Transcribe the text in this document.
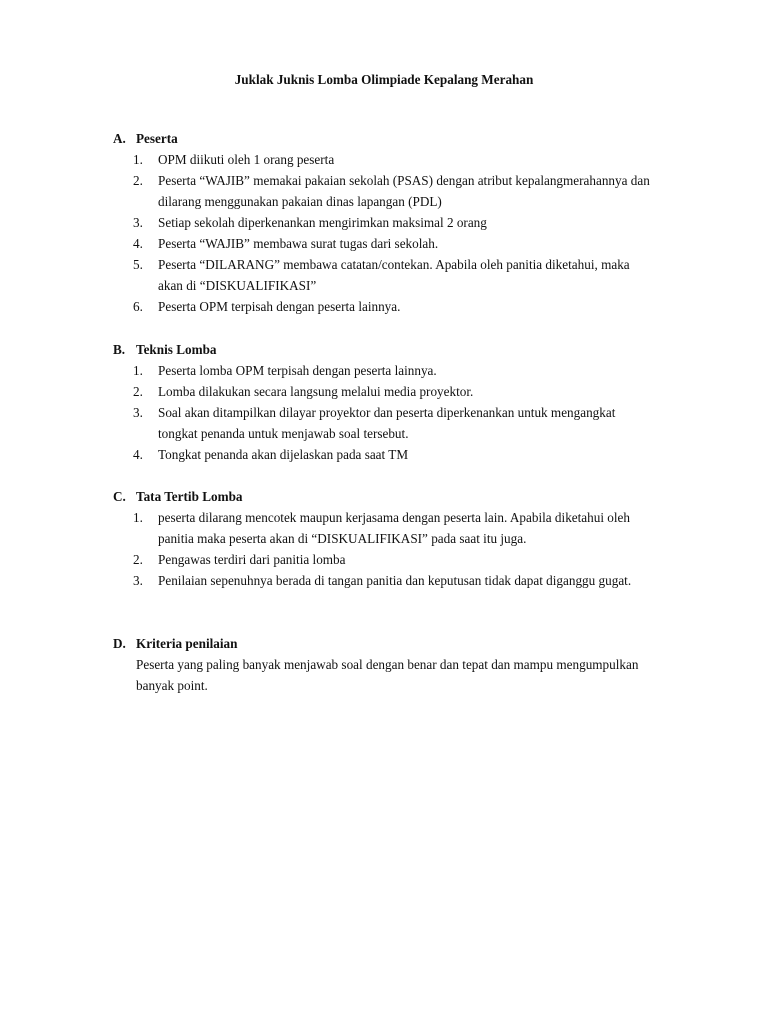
Juklak Juknis Lomba Olimpiade Kepalang Merahan
A. Peserta
1.	OPM diikuti oleh 1 orang peserta
2.	Peserta “WAJIB” memakai pakaian sekolah (PSAS) dengan atribut kepalangmerahannya dan dilarang menggunakan pakaian dinas lapangan (PDL)
3.	Setiap sekolah diperkenankan mengirimkan maksimal 2 orang
4.	Peserta “WAJIB” membawa surat tugas dari sekolah.
5.	Peserta “DILARANG” membawa catatan/contekan. Apabila oleh panitia diketahui, maka akan di “DISKUALIFIKASI”
6.	Peserta OPM terpisah dengan peserta lainnya.
B. Teknis Lomba
1.	Peserta lomba OPM terpisah dengan peserta lainnya.
2.	Lomba dilakukan secara langsung melalui media proyektor.
3.	Soal akan ditampilkan dilayar proyektor dan peserta diperkenankan untuk mengangkat tongkat penanda untuk menjawab soal tersebut.
4.	Tongkat penanda akan dijelaskan pada saat TM
C. Tata Tertib Lomba
1.	peserta dilarang mencotek maupun kerjasama dengan peserta lain. Apabila diketahui oleh panitia maka peserta akan di “DISKUALIFIKASI” pada saat itu juga.
2.	Pengawas terdiri dari panitia lomba
3.	Penilaian sepenuhnya berada di tangan panitia dan keputusan tidak dapat diganggu gugat.
D. Kriteria penilaian
Peserta yang paling banyak menjawab soal dengan benar dan tepat dan mampu mengumpulkan banyak point.
